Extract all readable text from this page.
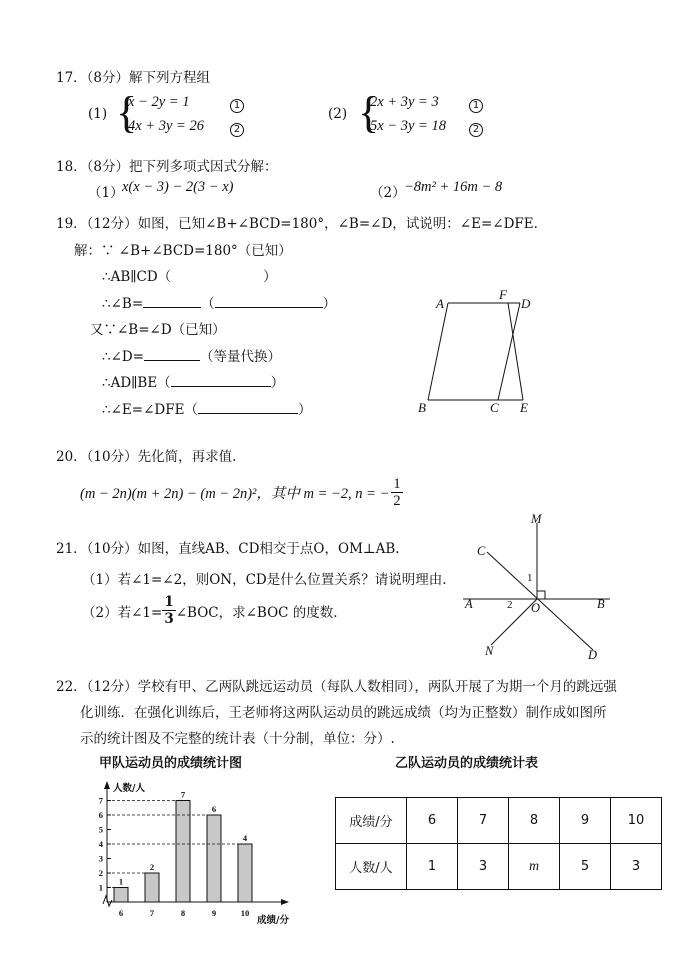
17．（8分）解下列方程组
(1) {
x − 2y = 1
4x + 3y = 26
1
2
(2) {
2x + 3y = 3
5x − 3y = 18
1
2
18．（8分）把下列多项式因式分解：
（1）
x(x − 3) − 2(3 − x)	（2）
−8m² + 16m − 8
19．（12分）如图，已知∠B+∠BCD=180°，∠B=∠D，试说明：∠E=∠DFE.
解：∵ ∠B+∠BCD=180°（已知）
∴AB∥CD（	）
∴∠B=	（	）
又∵∠B=∠D（已知）
∴∠D=	（等量代换）
∴AD∥BE（	）
∴∠E=∠DFE（	）
A
F
D
B	C E
20．（10分）先化简，再求值.
(m − 2n)(m + 2n) − (m − 2n)²，其中 m = −2, n = − $\frac{1}{2}$
21．（10分）如图，直线AB、CD相交于点O，OM⊥AB.
（1）若∠1=∠2，则ON，CD是什么位置关系？请说明理由.
（2）若∠1= $\frac{1}{3}$ ∠BOC，求∠BOC 的度数.
M
C
A	B
O
N	D
1
2
22．（12分）学校有甲、乙两队跳远运动员（每队人数相同），两队开展了为期一个月的跳远强
化训练．在强化训练后，王老师将这两队运动员的跳远成绩（均为正整数）制作成如图所
示的统计图及不完整的统计表（十分制，单位：分）.
甲队运动员的成绩统计图	乙队运动员的成绩统计表
人数/人
成绩/分
1
2
3
4
5
6
7
1
6
2
7
7
8
6
9
4
10
成绩/分	6	7	8	9	10
人数/人	1	3	m	5	3
